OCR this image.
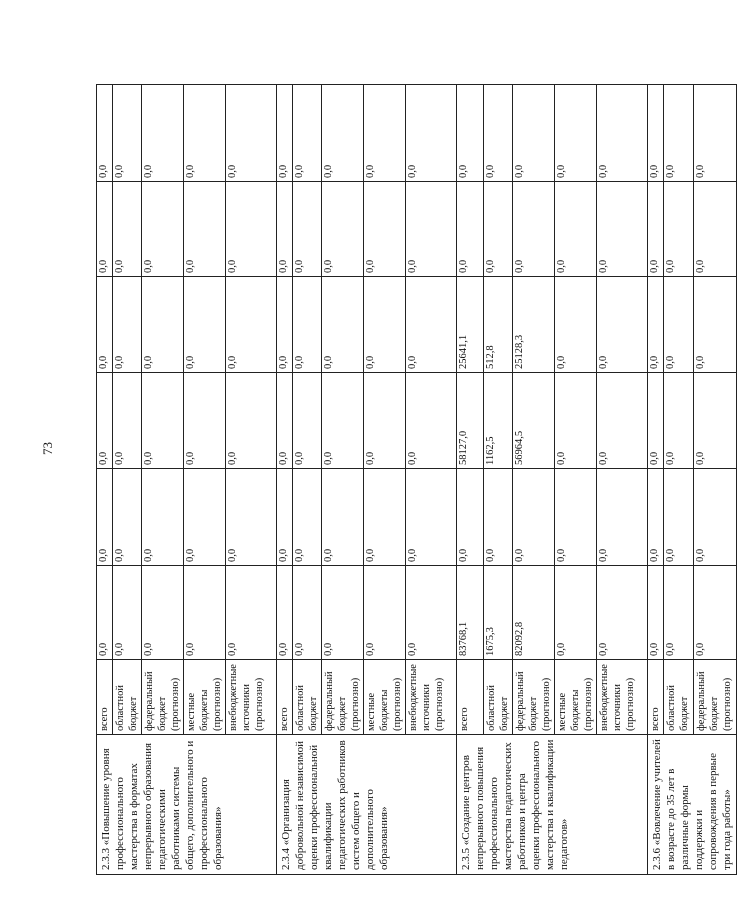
73
2.3.3 «Повышение уровня профессионального мастерства в форматах непрерывного образования педагогическими работниками системы общего, дополнительного и профессионального образования»	всего	0,0	0,0	0,0	0,0	0,0	0,0
	областной бюджет	0,0	0,0	0,0	0,0	0,0	0,0
	федеральный бюджет (прогнозно)	0,0	0,0	0,0	0,0	0,0	0,0
	местные бюджеты (прогнозно)	0,0	0,0	0,0	0,0	0,0	0,0
	внебюджетные источники (прогнозно)	0,0	0,0	0,0	0,0	0,0	0,0
2.3.4 «Организация добровольной независимой оценки профессиональной квалификации педагогических работников систем общего и дополнительного образования»	всего	0,0	0,0	0,0	0,0	0,0	0,0
	областной бюджет	0,0	0,0	0,0	0,0	0,0	0,0
	федеральный бюджет (прогнозно)	0,0	0,0	0,0	0,0	0,0	0,0
	местные бюджеты (прогнозно)	0,0	0,0	0,0	0,0	0,0	0,0
	внебюджетные источники (прогнозно)	0,0	0,0	0,0	0,0	0,0	0,0
2.3.5 «Создание центров непрерывного повышения профессионального мастерства педагогических работников и центра оценки профессионального мастерства и квалификации педагогов»	всего	83768,1	0,0	58127,0	25641,1	0,0	0,0
	областной бюджет	1675,3	0,0	1162,5	512,8	0,0	0,0
	федеральный бюджет (прогнозно)	82092,8	0,0	56964,5	25128,3	0,0	0,0
	местные бюджеты (прогнозно)	0,0	0,0	0,0	0,0	0,0	0,0
	внебюджетные источники (прогнозно)	0,0	0,0	0,0	0,0	0,0	0,0
2.3.6 «Вовлечение учителей в возрасте до 35 лет в различные формы поддержки и сопровождения в первые три года работы»	всего	0,0	0,0	0,0	0,0	0,0	0,0
	областной бюджет	0,0	0,0	0,0	0,0	0,0	0,0
	федеральный бюджет (прогнозно)	0,0	0,0	0,0	0,0	0,0	0,0
